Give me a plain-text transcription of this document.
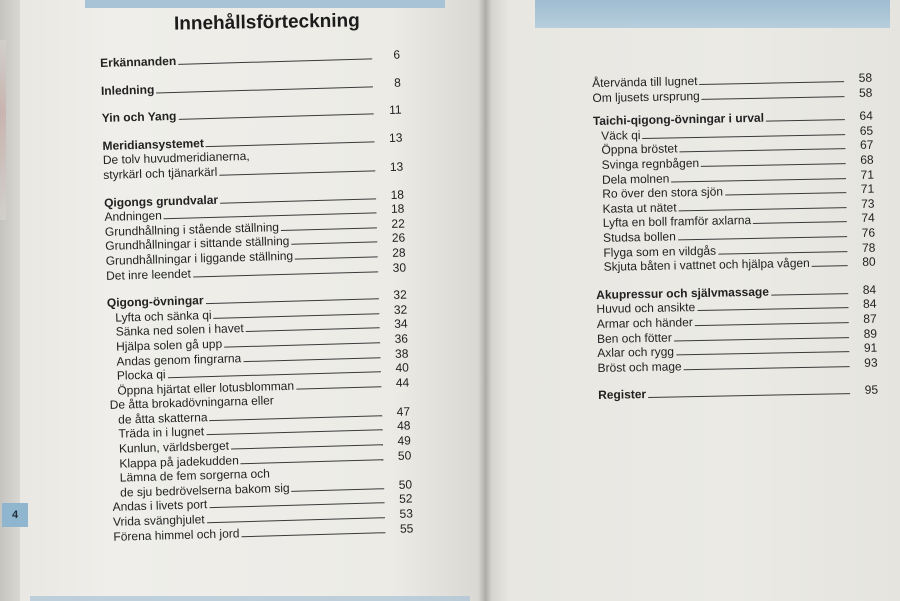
4
Innehållsförteckning
Erkännanden	6
Inledning	8
Yin och Yang	11
Meridiansystemet	13
De tolv huvudmeridianerna,
styrkärl och tjänarkärl	13
Qigongs grundvalar	18
Andningen	18
Grundhållning i stående ställning	22
Grundhållningar i sittande ställning	26
Grundhållningar i liggande ställning	28
Det inre leendet	30
Qigong-övningar	32
Lyfta och sänka qi	32
Sänka ned solen i havet	34
Hjälpa solen gå upp	36
Andas genom fingrarna	38
Plocka qi	40
Öppna hjärtat eller lotusblomman	44
De åtta brokadövningarna eller
de åtta skatterna	47
Träda in i lugnet	48
Kunlun, världsberget	49
Klappa på jadekudden	50
Lämna de fem sorgerna och
de sju bedrövelserna bakom sig	50
Andas i livets port	52
Vrida svänghjulet	53
Förena himmel och jord	55
Återvända till lugnet	58
Om ljusets ursprung	58
Taichi-qigong-övningar i urval	64
Väck qi	65
Öppna bröstet	67
Svinga regnbågen	68
Dela molnen	71
Ro över den stora sjön	71
Kasta ut nätet	73
Lyfta en boll framför axlarna	74
Studsa bollen	76
Flyga som en vildgås	78
Skjuta båten i vattnet och hjälpa vågen	80
Akupressur och självmassage	84
Huvud och ansikte	84
Armar och händer	87
Ben och fötter	89
Axlar och rygg	91
Bröst och mage	93
Register	95
